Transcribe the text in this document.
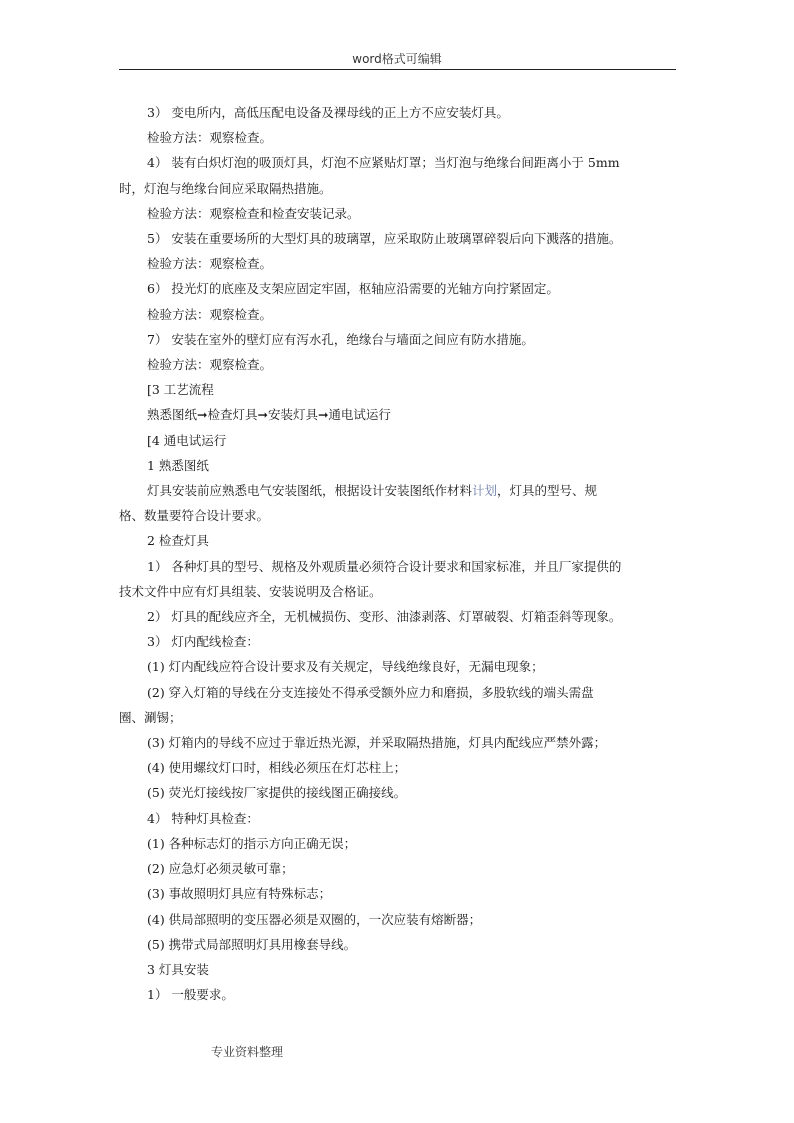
word格式可编辑
3） 变电所内，高低压配电设备及裸母线的正上方不应安装灯具。
检验方法：观察检查。
4） 装有白炽灯泡的吸顶灯具，灯泡不应紧贴灯罩；当灯泡与绝缘台间距离小于 5mm
时，灯泡与绝缘台间应采取隔热措施。
检验方法：观察检查和检查安装记录。
5） 安装在重要场所的大型灯具的玻璃罩，应采取防止玻璃罩碎裂后向下溅落的措施。
检验方法：观察检查。
6） 投光灯的底座及支架应固定牢固，枢轴应沿需要的光轴方向拧紧固定。
检验方法：观察检查。
7） 安装在室外的壁灯应有泻水孔，绝缘台与墙面之间应有防水措施。
检验方法：观察检查。
[3 工艺流程
熟悉图纸➞检查灯具➞安装灯具➞通电试运行
[4 通电试运行
1 熟悉图纸
灯具安装前应熟悉电气安装图纸，根据设计安装图纸作材料计划，灯具的型号、规
格、数量要符合设计要求。
2 检查灯具
1） 各种灯具的型号、规格及外观质量必须符合设计要求和国家标准，并且厂家提供的
技术文件中应有灯具组装、安装说明及合格证。
2） 灯具的配线应齐全，无机械损伤、变形、油漆剥落、灯罩破裂、灯箱歪斜等现象。
3） 灯内配线检查：
(1) 灯内配线应符合设计要求及有关规定，导线绝缘良好，无漏电现象；
(2) 穿入灯箱的导线在分支连接处不得承受额外应力和磨损，多股软线的端头需盘
圈、涮锡；
(3) 灯箱内的导线不应过于靠近热光源，并采取隔热措施，灯具内配线应严禁外露；
(4) 使用螺纹灯口时，相线必须压在灯芯柱上；
(5) 荧光灯接线按厂家提供的接线图正确接线。
4） 特种灯具检查：
(1) 各种标志灯的指示方向正确无误；
(2) 应急灯必须灵敏可靠；
(3) 事故照明灯具应有特殊标志；
(4) 供局部照明的变压器必须是双圈的，一次应装有熔断器；
(5) 携带式局部照明灯具用橡套导线。
3 灯具安装
1） 一般要求。
专业资料整理
